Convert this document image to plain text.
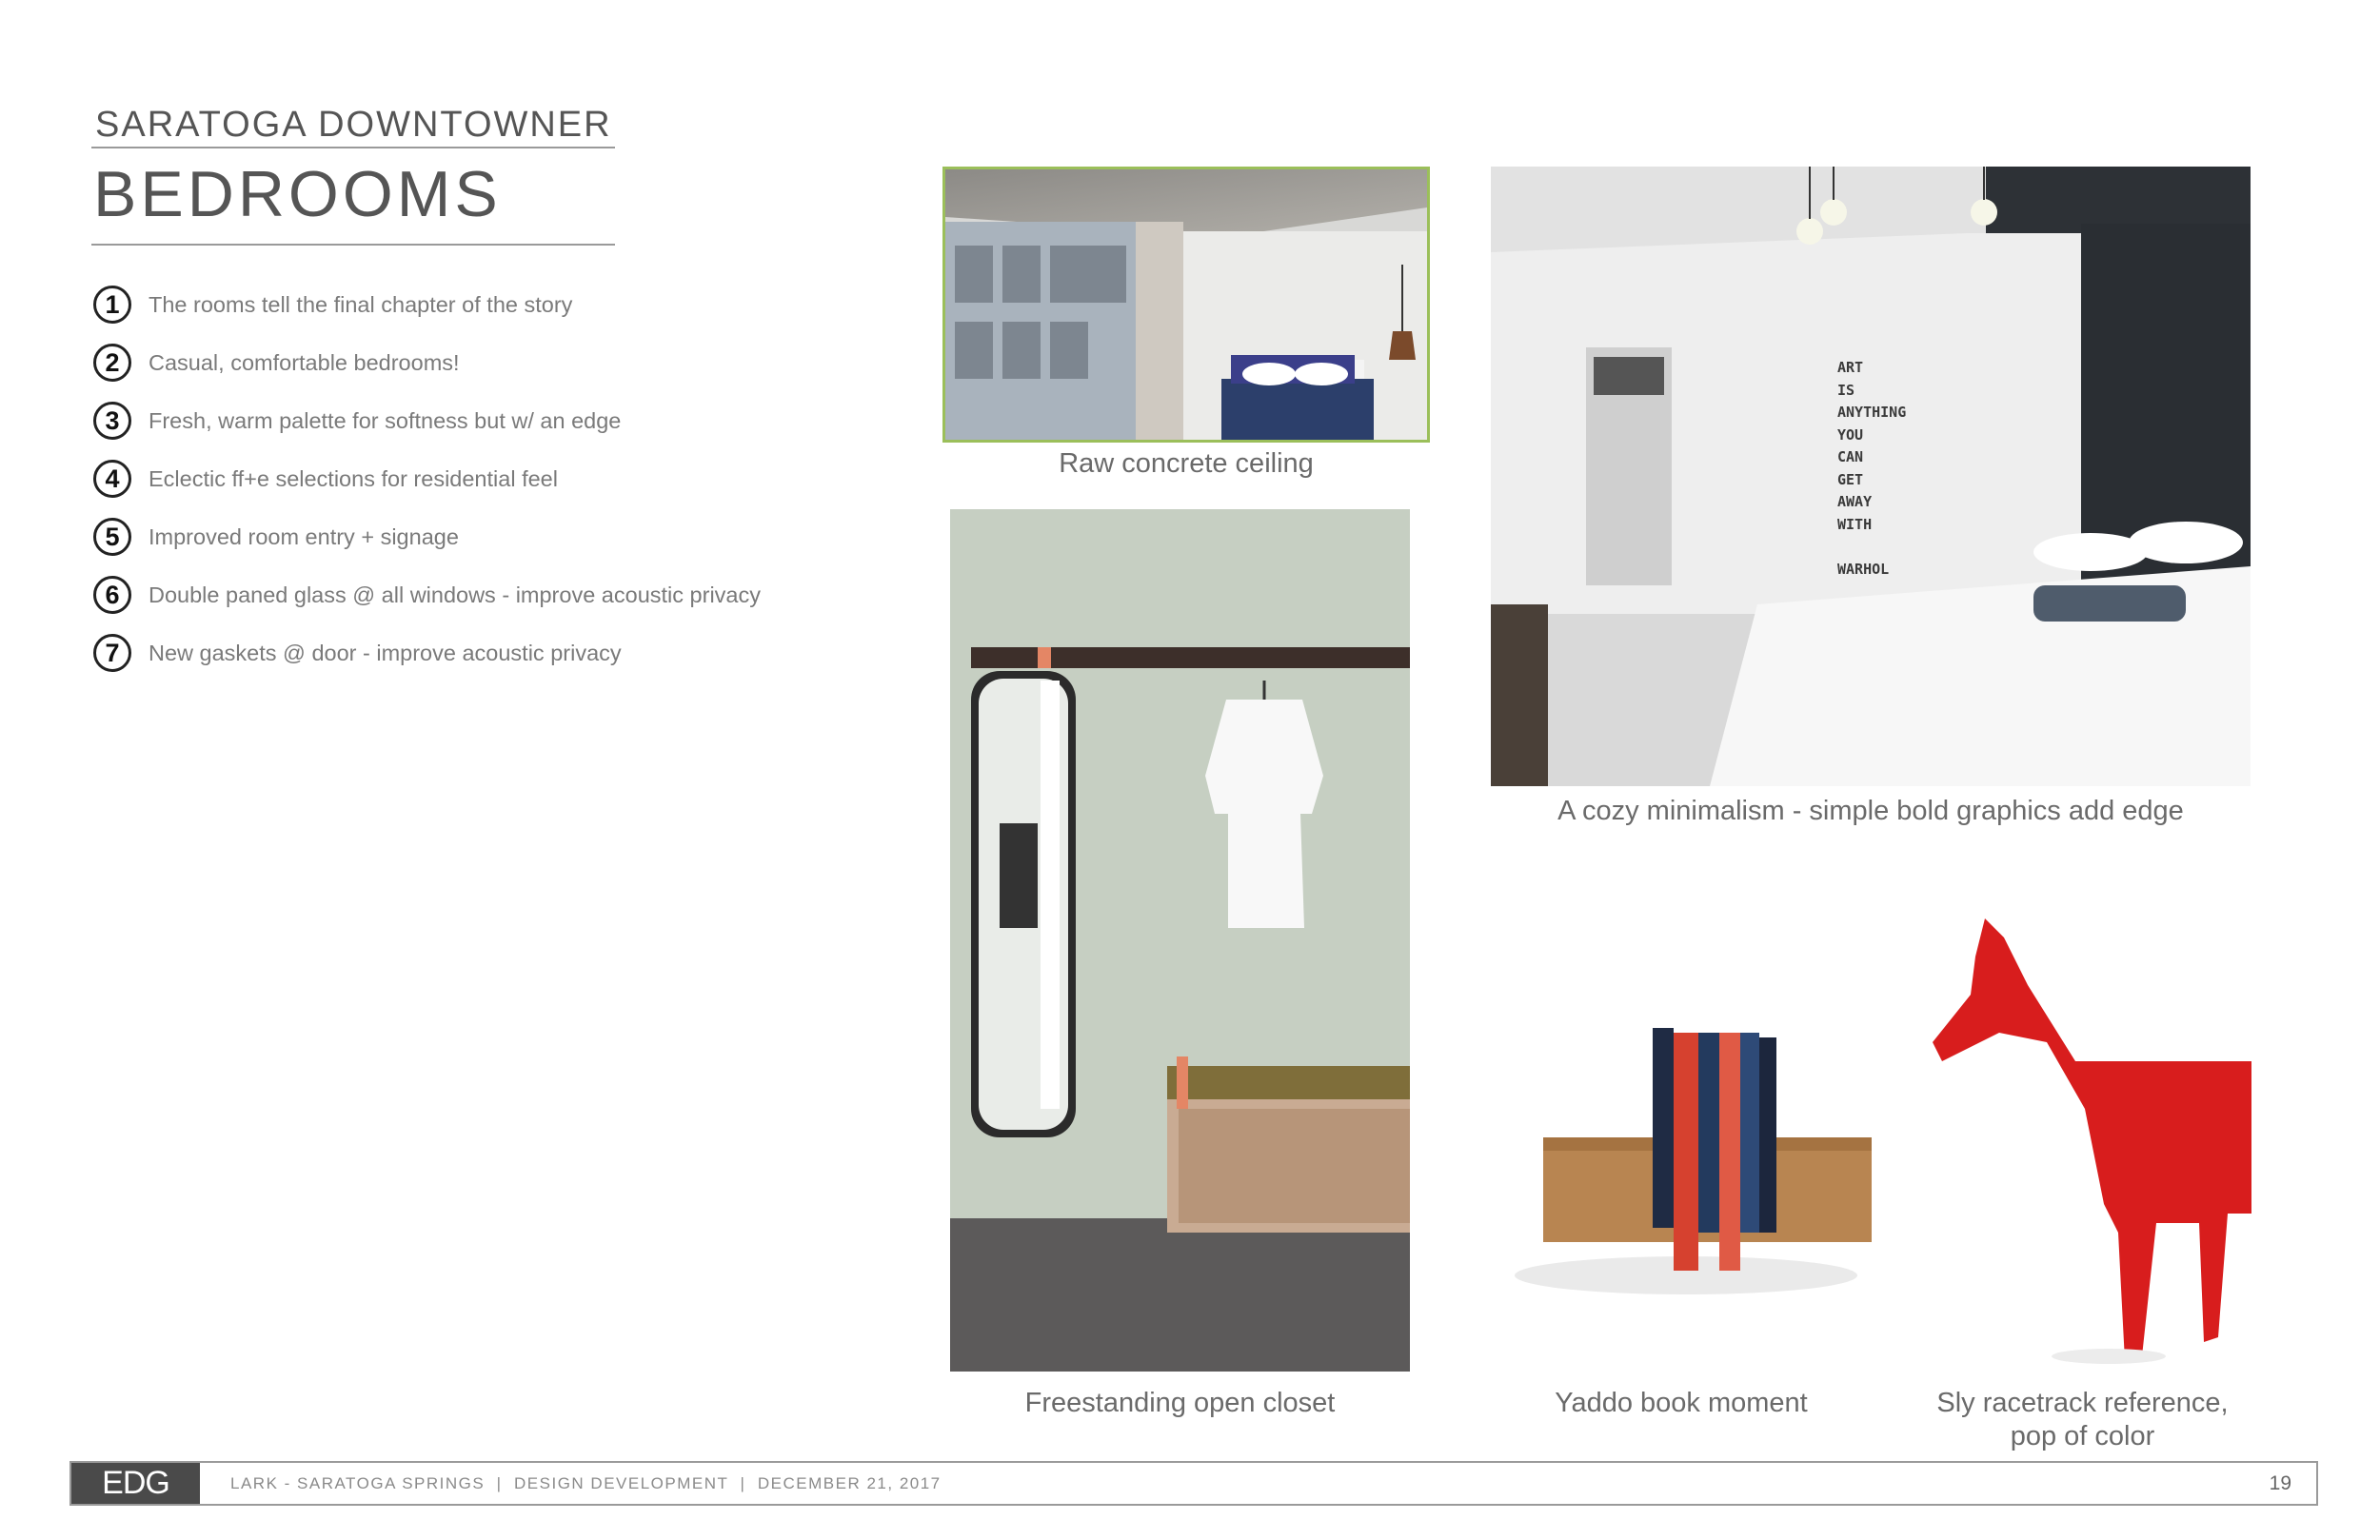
SARATOGA DOWNTOWNER
BEDROOMS
1	The rooms tell the final chapter of the story
2	Casual, comfortable bedrooms!
3	Fresh, warm palette for softness but w/ an edge
4	Eclectic ff+e selections for residential feel
5	Improved room entry + signage
6	Double paned glass @ all windows - improve acoustic privacy
7	New gaskets @ door - improve acoustic privacy
Raw concrete ceiling
ART
IS
ANYTHING
YOU
CAN
GET
AWAY
WITH
WARHOL
A cozy minimalism - simple bold graphics add edge
Freestanding open closet	Yaddo book moment	Sly racetrack reference,
pop of color
EDG	LARK - SARATOGA SPRINGS  |  DESIGN DEVELOPMENT  |  DECEMBER 21, 2017	19
